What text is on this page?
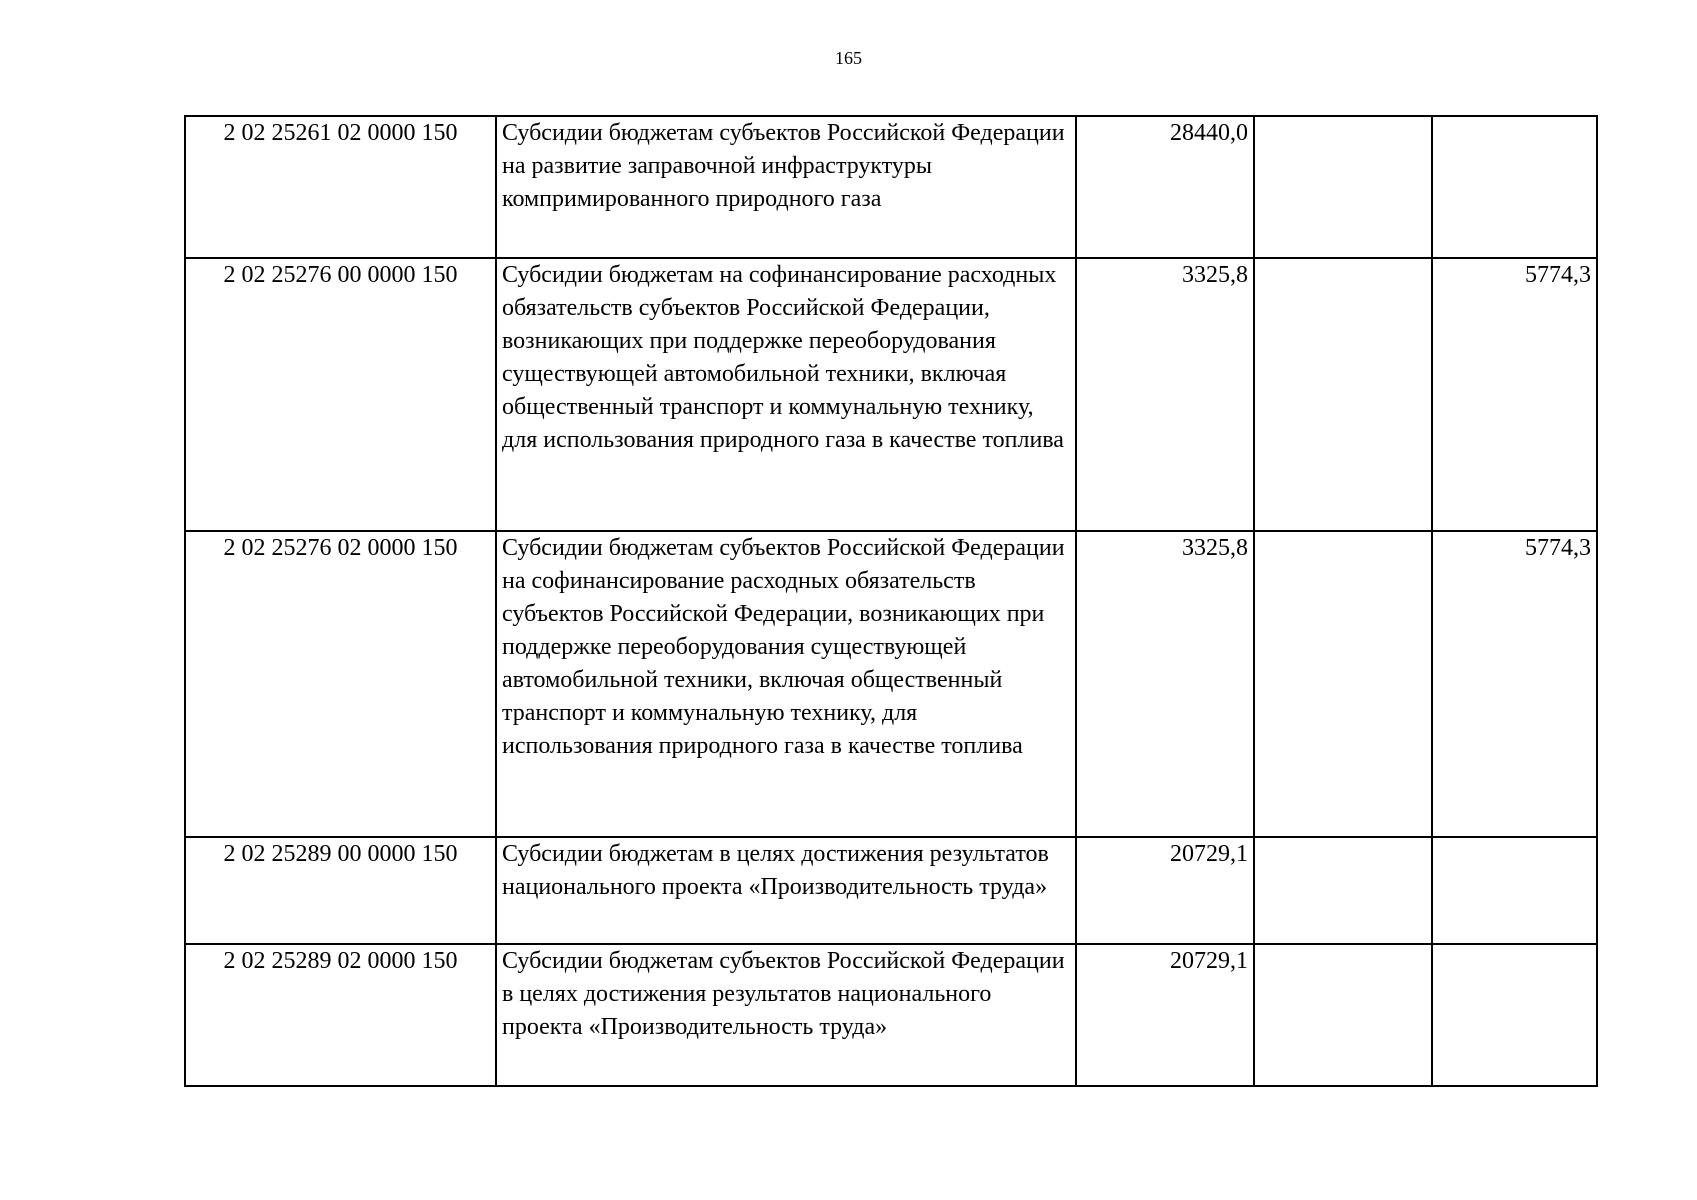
165
2 02 25261 02 0000 150	Субсидии бюджетам субъектов Российской Федерации на развитие заправочной инфраструктуры компримированного природного газа	28440,0		
2 02 25276 00 0000 150	Субсидии бюджетам на софинансирование расходных обязательств субъектов Российской Федерации, возникающих при поддержке переоборудования существующей автомобильной техники, включая общественный транспорт и коммунальную технику, для использования природного газа в качестве топлива	3325,8		5774,3
2 02 25276 02 0000 150	Субсидии бюджетам субъектов Российской Федерации на софинансирование расходных обязательств субъектов Российской Федерации, возникающих при поддержке переоборудования существующей автомобильной техники, включая общественный транспорт и коммунальную технику, для использования природного газа в качестве топлива	3325,8		5774,3
2 02 25289 00 0000 150	Субсидии бюджетам в целях достижения результатов национального проекта «Производительность труда»	20729,1		
2 02 25289 02 0000 150	Субсидии бюджетам субъектов Российской Федерации в целях достижения результатов национального проекта «Производительность труда»	20729,1		
